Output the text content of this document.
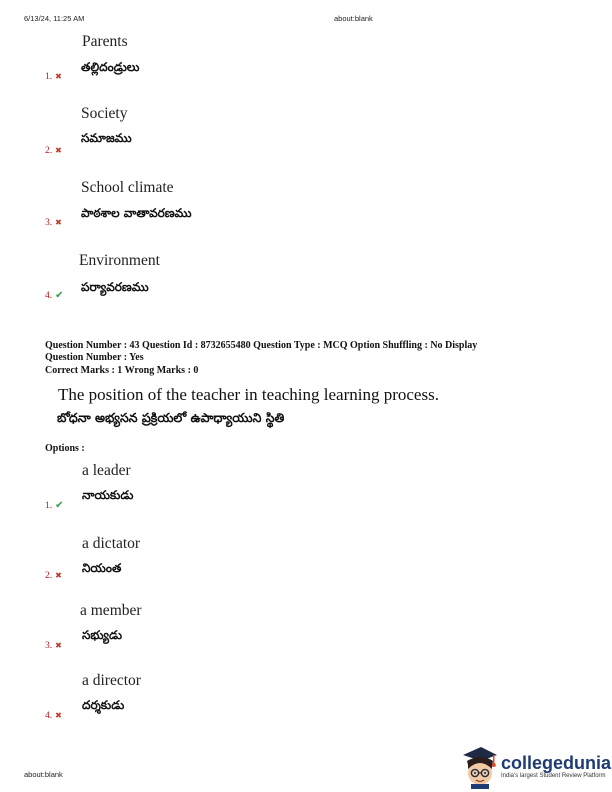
6/13/24, 11:25 AM	about:blank
Parents
తల్లిదండ్రులు
1. ✖
Society
సమాజము
2. ✖
School climate
పాఠశాల వాతావరణము
3. ✖
Environment
పర్యావరణము
4. ✔
Question Number : 43 Question Id : 8732655480 Question Type : MCQ Option Shuffling : No Display
Question Number : Yes
Correct Marks : 1 Wrong Marks : 0
The position of the teacher in teaching learning process.
బోధనా అభ్యసన ప్రక్రియలో ఉపాధ్యాయుని స్థితి
Options :
a leader
నాయకుడు
1. ✔
a dictator
నియంత
2. ✖
a member
సభ్యుడు
3. ✖
a director
దర్శకుడు
4. ✖
about:blank
collegedunia
India's largest Student Review Platform
